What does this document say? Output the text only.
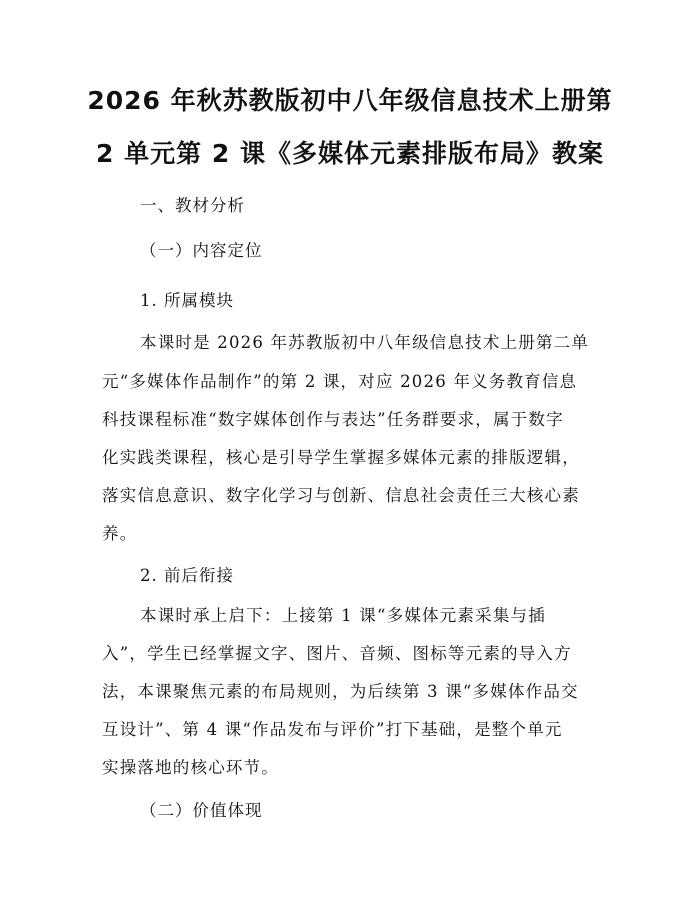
2026 年秋苏教版初中八年级信息技术上册第
2 单元第 2 课《多媒体元素排版布局》教案
一、教材分析
（一）内容定位
1. 所属模块
本课时是 2026 年苏教版初中八年级信息技术上册第二单
元“多媒体作品制作”的第 2 课，对应 2026 年义务教育信息
科技课程标准“数字媒体创作与表达”任务群要求，属于数字
化实践类课程，核心是引导学生掌握多媒体元素的排版逻辑，
落实信息意识、数字化学习与创新、信息社会责任三大核心素
养。
2. 前后衔接
本课时承上启下：上接第 1 课“多媒体元素采集与插
入”，学生已经掌握文字、图片、音频、图标等元素的导入方
法，本课聚焦元素的布局规则，为后续第 3 课“多媒体作品交
互设计”、第 4 课“作品发布与评价”打下基础，是整个单元
实操落地的核心环节。
（二）价值体现
